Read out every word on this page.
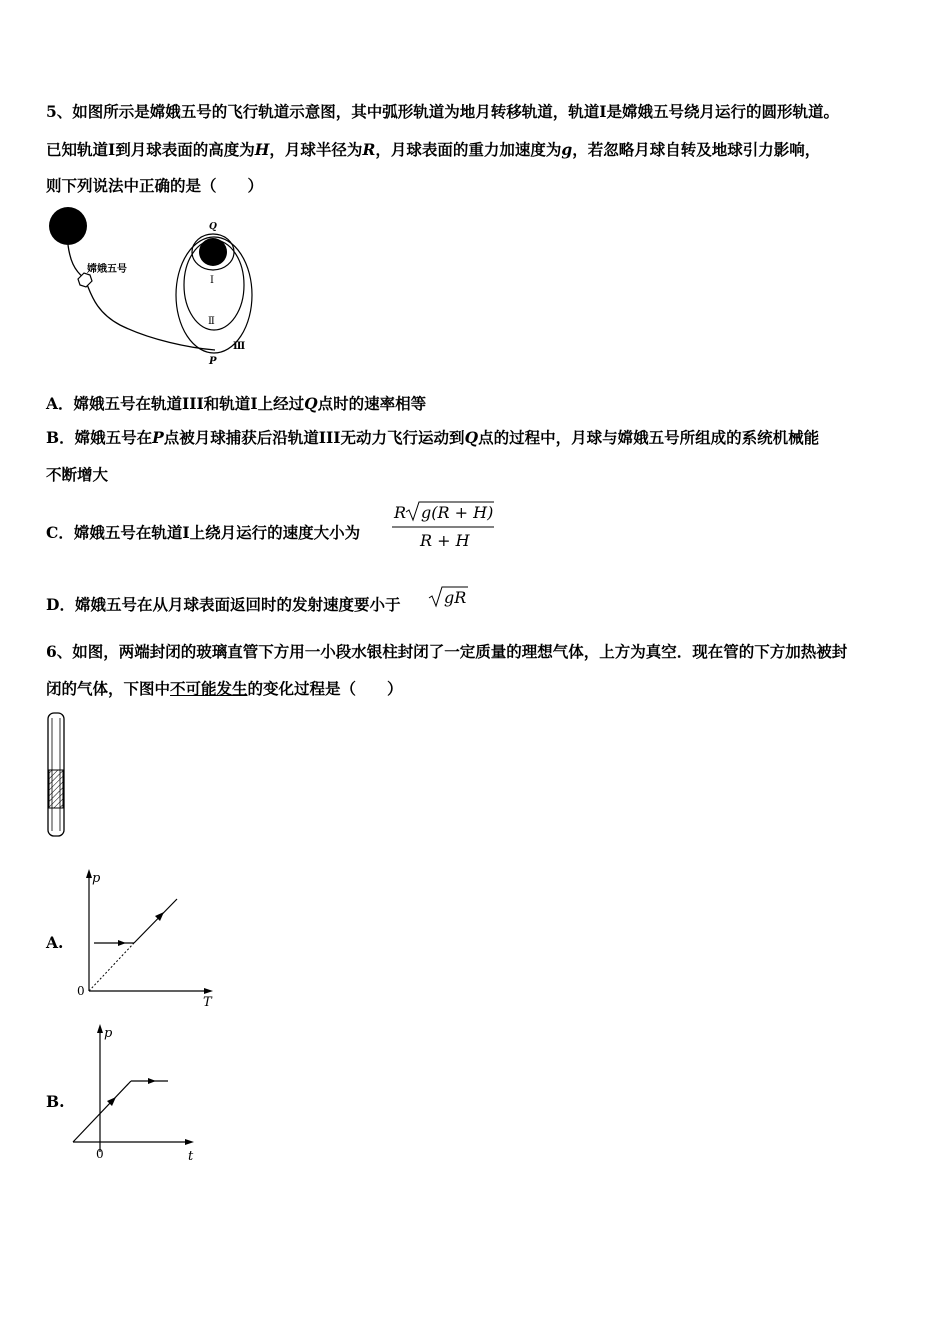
5、如图所示是嫦娥五号的飞行轨道示意图，其中弧形轨道为地月转移轨道，轨道Ⅰ是嫦娥五号绕月运行的圆形轨道。
已知轨道Ⅰ到月球表面的高度为H，月球半径为R，月球表面的重力加速度为g，若忽略月球自转及地球引力影响，
则下列说法中正确的是（　　）
嫦娥五号
Q
Ⅰ
Ⅱ
Ⅲ
P
A．嫦娥五号在轨道III和轨道I上经过Q点时的速率相等
B．嫦娥五号在P点被月球捕获后沿轨道III无动力飞行运动到Q点的过程中，月球与嫦娥五号所组成的系统机械能
不断增大
C．嫦娥五号在轨道I上绕月运行的速度大小为
R g(R + H)
R + H
D．嫦娥五号在从月球表面返回时的发射速度要小于	gR
6、如图，两端封闭的玻璃直管下方用一小段水银柱封闭了一定质量的理想气体，上方为真空．现在管的下方加热被封
闭的气体，下图中不可能发生的变化过程是（　　）
A.
p
T
0
B.
p
t
0
